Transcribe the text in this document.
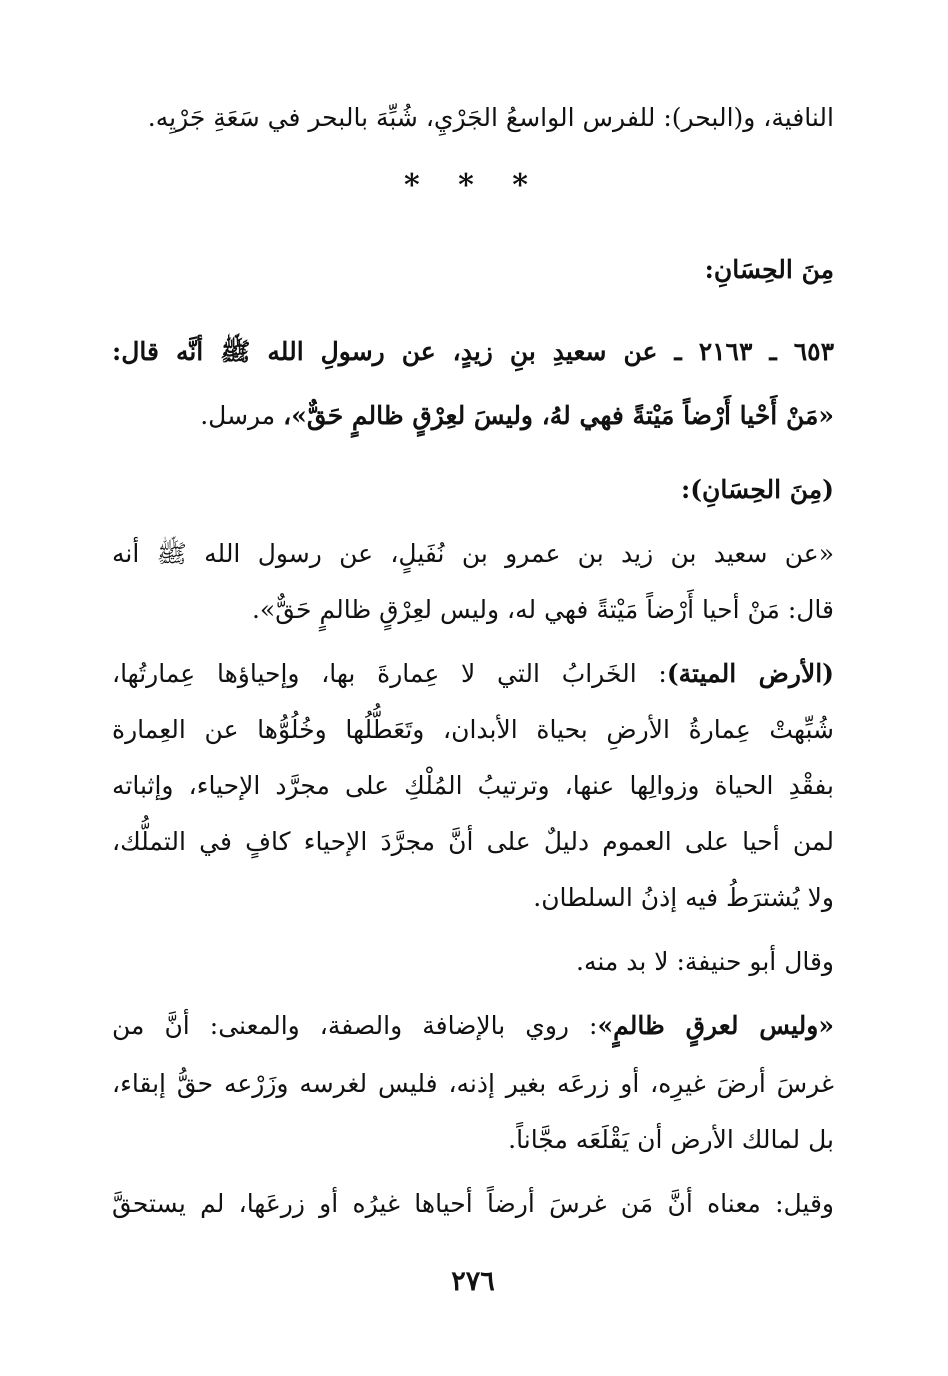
النافية، و(البحر): للفرس الواسعُ الجَرْيِ، شُبِّهَ بالبحر في سَعَةِ جَرْيِه.

* * *

مِنَ الحِسَانِ:

٦٥٣ ـ ٢١٦٣ ـ عن سعيدِ بنِ زيدٍ، عن رسولِ الله ﷺ أنَّه قال:

«مَنْ أَحْيا أَرْضاً مَيْتةً فهي لهُ، وليسَ لعِرْقٍ ظالمٍ حَقٌّ»، مرسل.

(مِنَ الحِسَانِ):

«عن سعيد بن زيد بن عمرو بن نُفَيلٍ، عن رسول الله ﷺ أنه

قال: مَنْ أحيا أَرْضاً مَيْتةً فهي له، وليس لعِرْقٍ ظالمٍ حَقٌّ».

(الأرض الميتة): الخَرابُ التي لا عِمارةَ بها، وإحياؤها عِمارتُها،

شُبِّهتْ عِمارةُ الأرضِ بحياة الأبدان، وتَعَطُّلُها وخُلُوُّها عن العِمارة

بفقْدِ الحياة وزوالِها عنها، وترتيبُ المُلْكِ على مجرَّد الإحياء، وإثباته

لمن أحيا على العموم دليلٌ على أنَّ مجرَّدَ الإحياء كافٍ في التملُّك،

ولا يُشترَطُ فيه إذنُ السلطان.

وقال أبو حنيفة: لا بد منه.

«وليس لعرقٍ ظالمٍ»: روي بالإضافة والصفة، والمعنى: أنَّ من

غرسَ أرضَ غيرِه، أو زرعَه بغير إذنه، فليس لغرسه وزَرْعه حقُّ إبقاء،

بل لمالك الأرض أن يَقْلَعَه مجَّاناً.

وقيل: معناه أنَّ مَن غرسَ أرضاً أحياها غيرُه أو زرعَها، لم يستحقَّ

٢٧٦
